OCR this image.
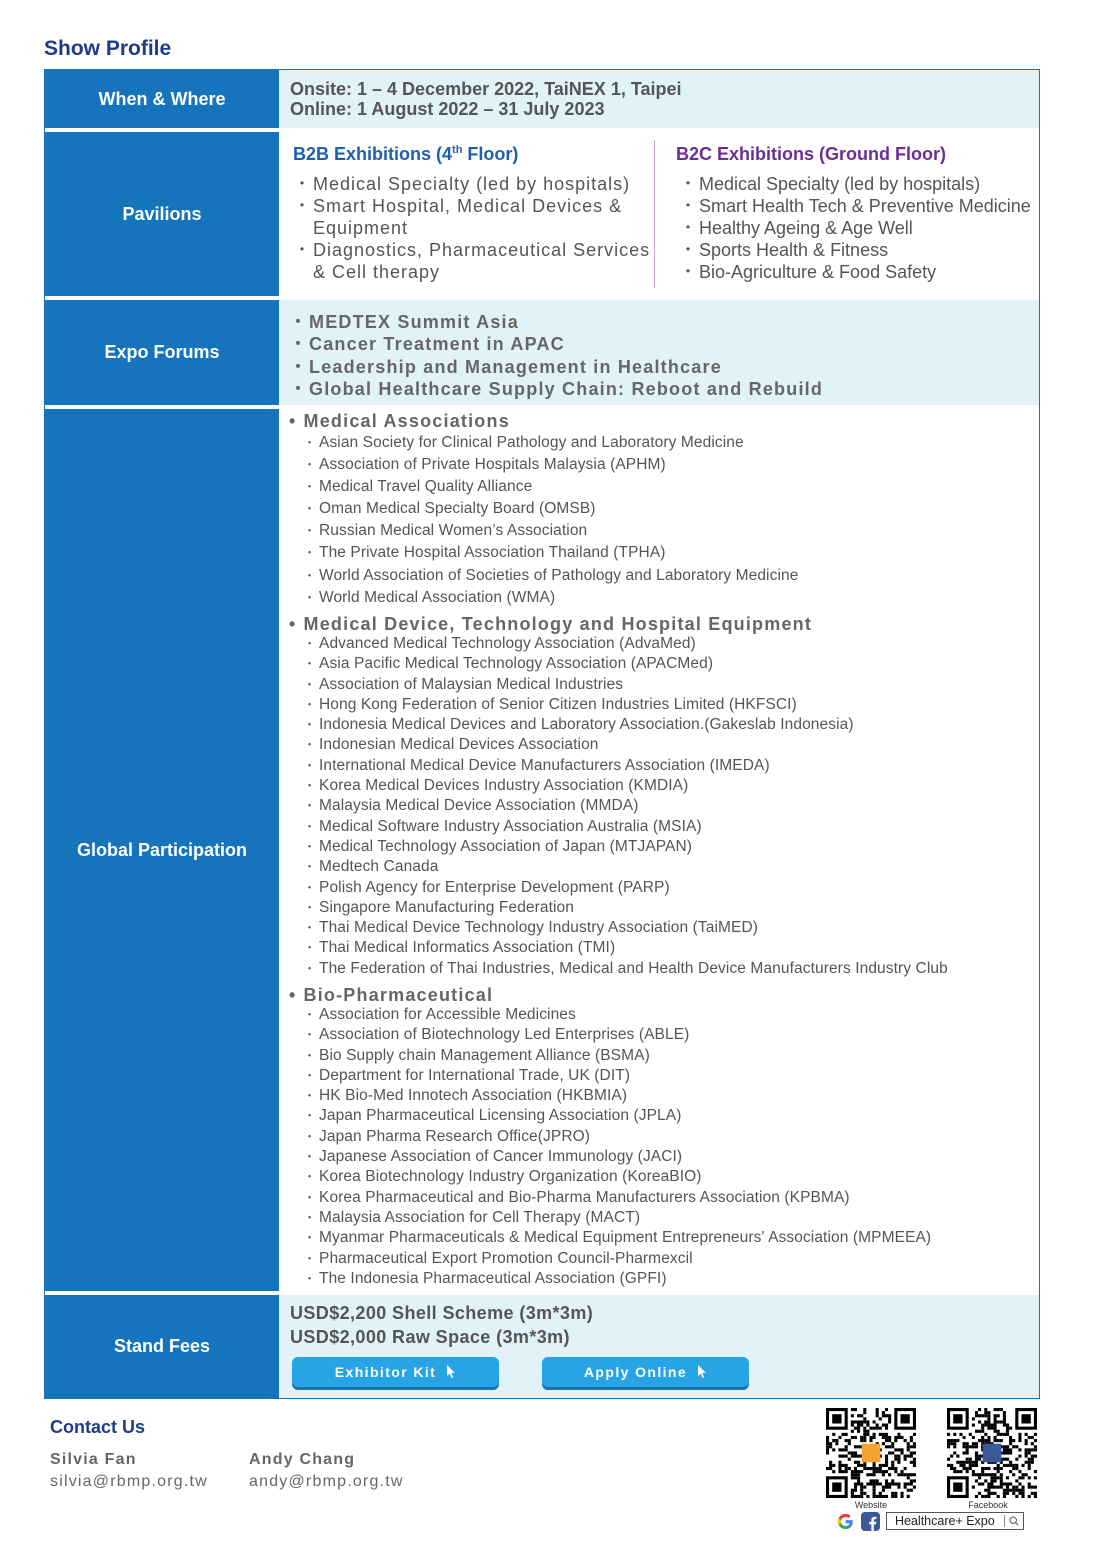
Show Profile
When & Where	Onsite: 1 – 4 December 2022, TaiNEX 1, Taipei
Online: 1 August 2022 – 31 July 2023
Pavilions
B2B Exhibitions (4th Floor)
・ Medical Specialty (led by hospitals)
・ Smart Hospital, Medical Devices & Equipment
・ Diagnostics, Pharmaceutical Services & Cell therapy
B2C Exhibitions (Ground Floor)
・ Medical Specialty (led by hospitals)
・ Smart Health Tech & Preventive Medicine
・ Healthy Ageing & Age Well
・ Sports Health & Fitness
・ Bio-Agriculture & Food Safety
Expo Forums
・ MEDTEX Summit Asia
・ Cancer Treatment in APAC
・ Leadership and Management in Healthcare
・ Global Healthcare Supply Chain: Reboot and Rebuild
Global Participation
• Medical Associations
・ Asian Society for Clinical Pathology and Laboratory Medicine
・ Association of Private Hospitals Malaysia (APHM)
・ Medical Travel Quality Alliance
・ Oman Medical Specialty Board (OMSB)
・ Russian Medical Women’s Association
・ The Private Hospital Association Thailand (TPHA)
・ World Association of Societies of Pathology and Laboratory Medicine
・ World Medical Association (WMA)
• Medical Device, Technology and Hospital Equipment
・ Advanced Medical Technology Association (AdvaMed)
・ Asia Pacific Medical Technology Association (APACMed)
・ Association of Malaysian Medical Industries
・ Hong Kong Federation of Senior Citizen Industries Limited (HKFSCI)
・ Indonesia Medical Devices and Laboratory Association.(Gakeslab Indonesia)
・ Indonesian Medical Devices Association
・ International Medical Device Manufacturers Association (IMEDA)
・ Korea Medical Devices Industry Association (KMDIA)
・ Malaysia Medical Device Association (MMDA)
・ Medical Software Industry Association Australia (MSIA)
・ Medical Technology Association of Japan (MTJAPAN)
・ Medtech Canada
・ Polish Agency for Enterprise Development (PARP)
・ Singapore Manufacturing Federation
・ Thai Medical Device Technology Industry Association (TaiMED)
・ Thai Medical Informatics Association (TMI)
・ The Federation of Thai Industries, Medical and Health Device Manufacturers Industry Club
• Bio-Pharmaceutical
・ Association for Accessible Medicines
・ Association of Biotechnology Led Enterprises (ABLE)
・ Bio Supply chain Management Alliance (BSMA)
・ Department for International Trade, UK (DIT)
・ HK Bio-Med Innotech Association (HKBMIA)
・ Japan Pharmaceutical Licensing Association (JPLA)
・ Japan Pharma Research Office(JPRO)
・ Japanese Association of Cancer Immunology (JACI)
・ Korea Biotechnology Industry Organization (KoreaBIO)
・ Korea Pharmaceutical and Bio-Pharma Manufacturers Association (KPBMA)
・ Malaysia Association for Cell Therapy (MACT)
・ Myanmar Pharmaceuticals & Medical Equipment Entrepreneurs' Association (MPMEEA)
・ Pharmaceutical Export Promotion Council-Pharmexcil
・ The Indonesia Pharmaceutical Association (GPFI)
Stand Fees
USD$2,200 Shell Scheme (3m*3m)
USD$2,000 Raw Space (3m*3m)
Exhibitor Kit	Apply Online
Contact Us
Silvia Fan
silvia@rbmp.org.tw
Andy Chang
andy@rbmp.org.tw
Website	Facebook
Healthcare+ Expo
